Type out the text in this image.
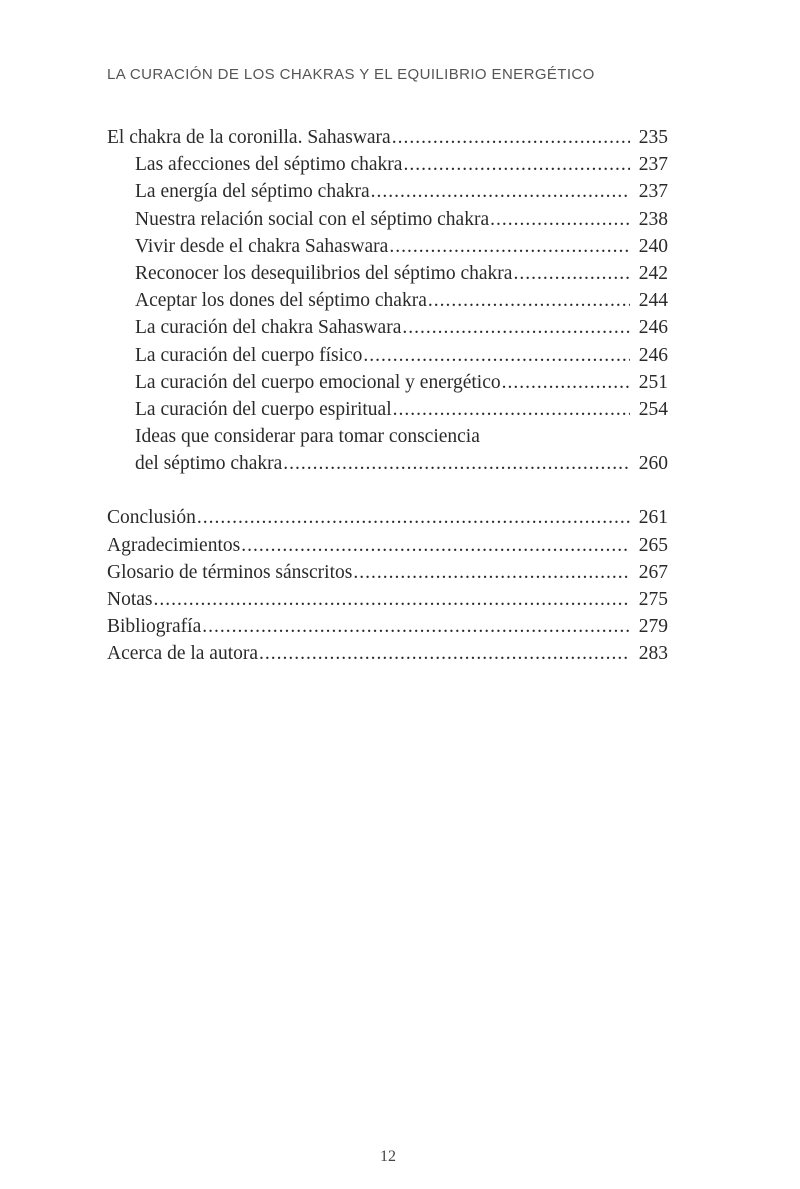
LA CURACIÓN DE LOS CHAKRAS Y EL EQUILIBRIO ENERGÉTICO
El chakra de la coronilla. Sahaswara .....	235
Las afecciones del séptimo chakra .....	237
La energía del séptimo chakra .....	237
Nuestra relación social con el séptimo chakra .....	238
Vivir desde el chakra Sahaswara .....	240
Reconocer los desequilibrios del séptimo chakra .....	242
Aceptar los dones del séptimo chakra .....	244
La curación del chakra Sahaswara .....	246
La curación del cuerpo físico .....	246
La curación del cuerpo emocional y energético .....	251
La curación del cuerpo espiritual .....	254
Ideas que considerar para tomar consciencia
del séptimo chakra .....	260
Conclusión .....	261
Agradecimientos .....	265
Glosario de términos sánscritos .....	267
Notas .....	275
Bibliografía .....	279
Acerca de la autora .....	283
12
